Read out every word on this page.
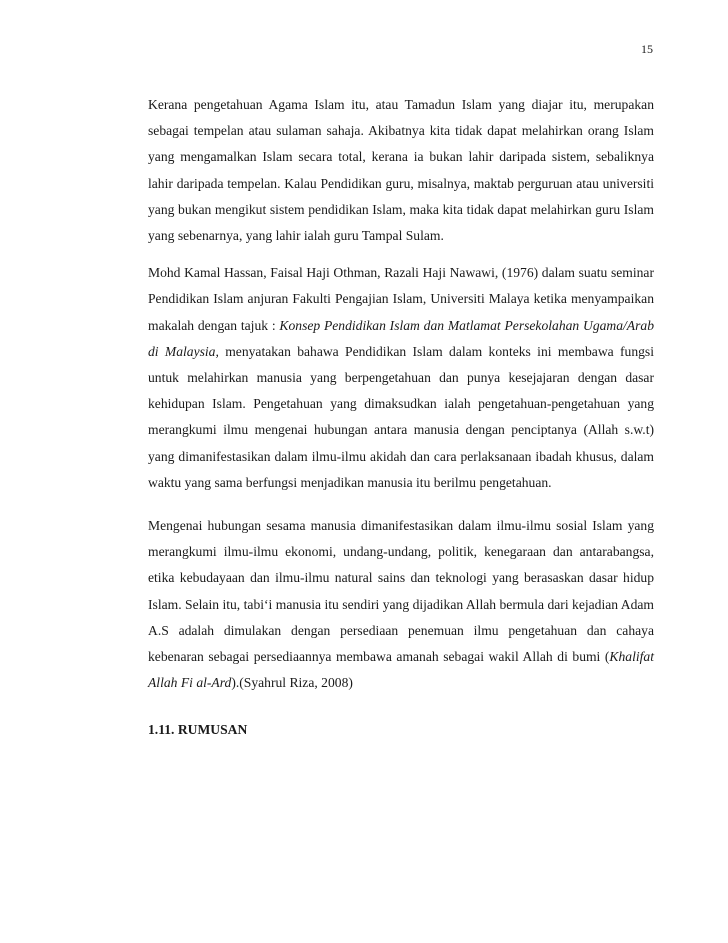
15

Kerana pengetahuan Agama Islam itu, atau Tamadun Islam yang diajar itu, merupakan sebagai tempelan atau sulaman sahaja. Akibatnya kita tidak dapat melahirkan orang Islam yang mengamalkan Islam secara total, kerana ia bukan lahir daripada sistem, sebaliknya lahir daripada tempelan. Kalau Pendidikan guru, misalnya, maktab perguruan atau universiti yang bukan mengikut sistem pendidikan Islam, maka kita tidak dapat melahirkan guru Islam yang sebenarnya, yang lahir ialah guru Tampal Sulam.

Mohd Kamal Hassan, Faisal Haji Othman, Razali Haji Nawawi, (1976) dalam suatu seminar Pendidikan Islam anjuran Fakulti Pengajian Islam, Universiti Malaya ketika menyampaikan makalah dengan tajuk : Konsep Pendidikan Islam dan Matlamat Persekolahan Ugama/Arab di Malaysia, menyatakan bahawa Pendidikan Islam dalam konteks ini membawa fungsi untuk melahirkan manusia yang berpengetahuan dan punya kesejajaran dengan dasar kehidupan Islam. Pengetahuan yang dimaksudkan ialah pengetahuan-pengetahuan yang merangkumi ilmu mengenai hubungan antara manusia dengan penciptanya (Allah s.w.t) yang dimanifestasikan dalam ilmu-ilmu akidah dan cara perlaksanaan ibadah khusus, dalam waktu yang sama berfungsi menjadikan manusia itu berilmu pengetahuan.

Mengenai hubungan sesama manusia dimanifestasikan dalam ilmu-ilmu sosial Islam yang merangkumi ilmu-ilmu ekonomi, undang-undang, politik, kenegaraan dan antarabangsa, etika kebudayaan dan ilmu-ilmu natural sains dan teknologi yang berasaskan dasar hidup Islam. Selain itu, tabi‘i manusia itu sendiri yang dijadikan Allah bermula dari kejadian Adam A.S adalah dimulakan dengan persediaan penemuan ilmu pengetahuan dan cahaya kebenaran sebagai persediaannya membawa amanah sebagai wakil Allah di bumi (Khalifat Allah Fi al-Ard).(Syahrul Riza, 2008)

1.11. RUMUSAN
